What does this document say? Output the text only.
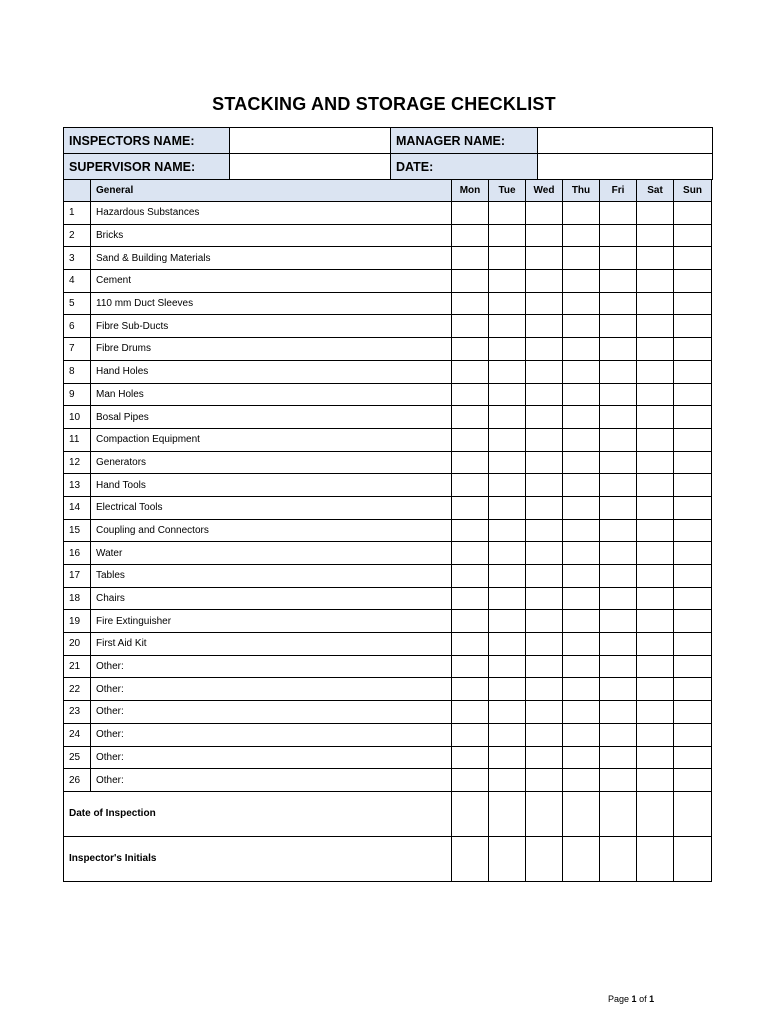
STACKING AND STORAGE CHECKLIST
INSPECTORS NAME:		MANAGER NAME:	
SUPERVISOR NAME:		DATE:	
	General	Mon	Tue	Wed	Thu	Fri	Sat	Sun
1	Hazardous Substances							
2	Bricks							
3	Sand & Building Materials							
4	Cement							
5	110 mm Duct Sleeves							
6	Fibre Sub-Ducts							
7	Fibre Drums							
8	Hand Holes							
9	Man Holes							
10	Bosal Pipes							
11	Compaction Equipment							
12	Generators							
13	Hand Tools							
14	Electrical Tools							
15	Coupling and Connectors							
16	Water							
17	Tables							
18	Chairs							
19	Fire Extinguisher							
20	First Aid Kit							
21	Other:							
22	Other:							
23	Other:							
24	Other:							
25	Other:							
26	Other:							
Date of Inspection								
Inspector's Initials								
Page 1 of 1
